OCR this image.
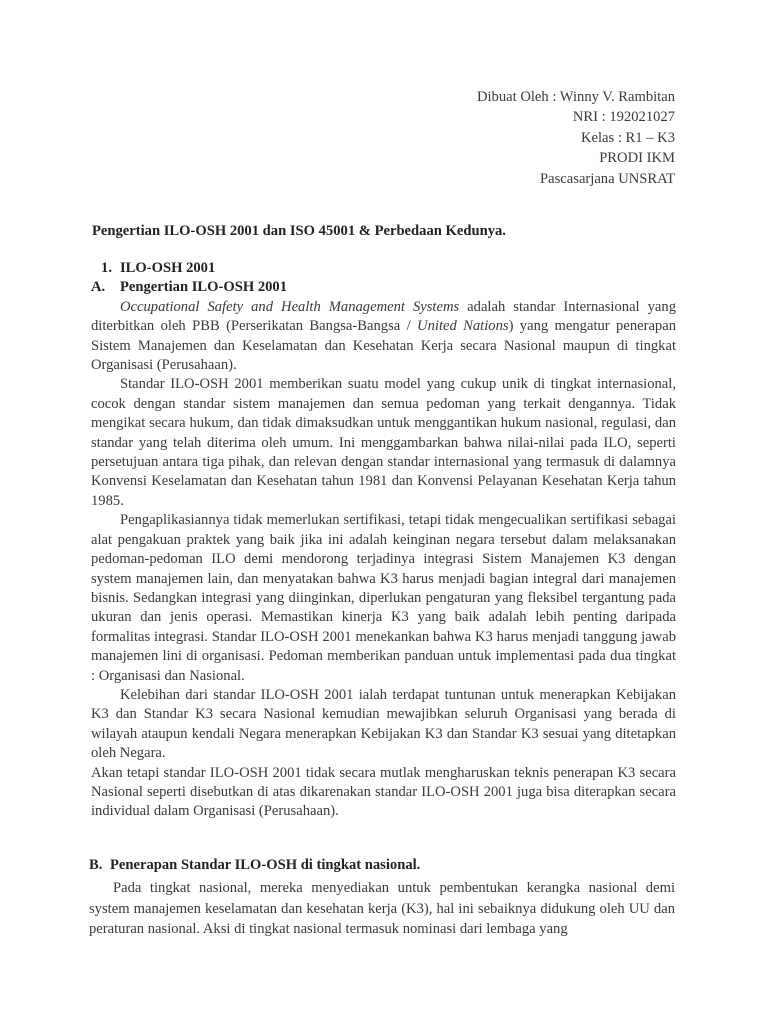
Dibuat Oleh : Winny V. Rambitan
NRI : 192021027
Kelas : R1 – K3
PRODI IKM
Pascasarjana UNSRAT
Pengertian ILO-OSH 2001 dan ISO 45001 & Perbedaan Kedunya.
1. ILO-OSH 2001
A. Pengertian ILO-OSH 2001

Occupational Safety and Health Management Systems adalah standar Internasional yang diterbitkan oleh PBB (Perserikatan Bangsa-Bangsa / United Nations) yang mengatur penerapan Sistem Manajemen dan Keselamatan dan Kesehatan Kerja secara Nasional maupun di tingkat Organisasi (Perusahaan).

Standar ILO-OSH 2001 memberikan suatu model yang cukup unik di tingkat internasional, cocok dengan standar sistem manajemen dan semua pedoman yang terkait dengannya. Tidak mengikat secara hukum, dan tidak dimaksudkan untuk menggantikan hukum nasional, regulasi, dan standar yang telah diterima oleh umum. Ini menggambarkan bahwa nilai-nilai pada ILO, seperti persetujuan antara tiga pihak, dan relevan dengan standar internasional yang termasuk di dalamnya Konvensi Keselamatan dan Kesehatan tahun 1981 dan Konvensi Pelayanan Kesehatan Kerja tahun 1985.

Pengaplikasiannya tidak memerlukan sertifikasi, tetapi tidak mengecualikan sertifikasi sebagai alat pengakuan praktek yang baik jika ini adalah keinginan negara tersebut dalam melaksanakan pedoman-pedoman ILO demi mendorong terjadinya integrasi Sistem Manajemen K3 dengan system manajemen lain, dan menyatakan bahwa K3 harus menjadi bagian integral dari manajemen bisnis. Sedangkan integrasi yang diinginkan, diperlukan pengaturan yang fleksibel tergantung pada ukuran dan jenis operasi. Memastikan kinerja K3 yang baik adalah lebih penting daripada formalitas integrasi. Standar ILO-OSH 2001 menekankan bahwa K3 harus menjadi tanggung jawab manajemen lini di organisasi. Pedoman memberikan panduan untuk implementasi pada dua tingkat : Organisasi dan Nasional.

Kelebihan dari standar ILO-OSH 2001 ialah terdapat tuntunan untuk menerapkan Kebijakan K3 dan Standar K3 secara Nasional kemudian mewajibkan seluruh Organisasi yang berada di wilayah ataupun kendali Negara menerapkan Kebijakan K3 dan Standar K3 sesuai yang ditetapkan oleh Negara.

Akan tetapi standar ILO-OSH 2001 tidak secara mutlak mengharuskan teknis penerapan K3 secara Nasional seperti disebutkan di atas dikarenakan standar ILO-OSH 2001 juga bisa diterapkan secara individual dalam Organisasi (Perusahaan).

B. Penerapan Standar ILO-OSH di tingkat nasional.

Pada tingkat nasional, mereka menyediakan untuk pembentukan kerangka nasional demi system manajemen keselamatan dan kesehatan kerja (K3), hal ini sebaiknya didukung oleh UU dan peraturan nasional. Aksi di tingkat nasional termasuk nominasi dari lembaga yang
